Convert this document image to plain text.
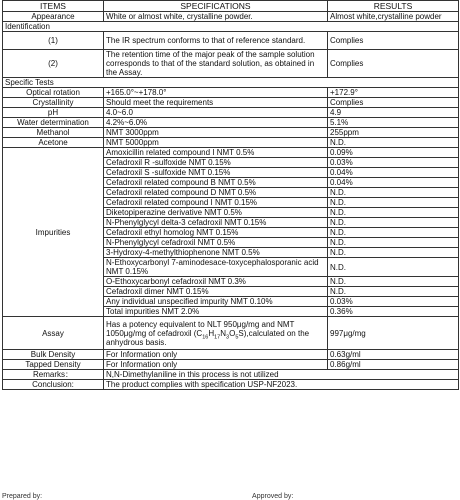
ITEMS	SPECIFICATIONS	RESULTS
Appearance	White or almost white, crystalline powder.	Almost white,crystalline powder
Identification		
(1)	The IR spectrum conforms to that of reference standard.	Complies
(2)	The retention time of the major peak of the sample solution corresponds to that of the standard solution, as obtained in the Assay.	Complies
Specific Tests		
Optical rotation	+165.0°~+178.0°	+172.9°
Crystallinity	Should meet the requirements	Complies
pH	4.0~6.0	4.9
Water determination	4.2%~6.0%	5.1%
Methanol	NMT 3000ppm	255ppm
Acetone	NMT 5000ppm	N.D.
Impurities	Amoxicillin related compound I NMT 0.5%	0.09%
	Cefadroxil R -sulfoxide NMT 0.15%	0.03%
	Cefadroxil S -sulfoxide NMT 0.15%	0.04%
	Cefadroxil related compound B NMT 0.5%	0.04%
	Cefadroxil related compound D NMT 0.5%	N.D.
	Cefadroxil related compound I NMT 0.15%	N.D.
	Diketopiperazine derivative NMT 0.5%	N.D.
	N-Phenylglycyl delta-3 cefadroxil NMT 0.15%	N.D.
	Cefadroxil ethyl homolog NMT 0.15%	N.D.
	N-Phenylglycyl cefadroxil NMT 0.5%	N.D.
	3-Hydroxy-4-methylthiophenone NMT 0.5%	N.D.
	N-Ethoxycarbonyl 7-aminodesace-toxycephalosporanic acid NMT 0.15%	N.D.
	O-Ethoxycarbonyl cefadroxil NMT 0.3%	N.D.
	Cefadroxil dimer NMT 0.15%	N.D.
	Any individual unspecified impurity NMT 0.10%	0.03%
	Total impurities NMT 2.0%	0.36%
Assay	Has a potency equivalent to NLT 950μg/mg and NMT 1050μg/mg of cefadroxil $(C_{16}H_{17}N_3O_5S),calculated$ on the anhydrous basis.	997μg/mg
Bulk Density	For Information only	0.63g/ml
Tapped Density	For Information only	0.86g/ml
Remarks：	N,N-Dimethylaniline in this process is not utilized	
Conclusion:	The product complies with specification USP-NF2023.	
Prepared by:	Approved by:
